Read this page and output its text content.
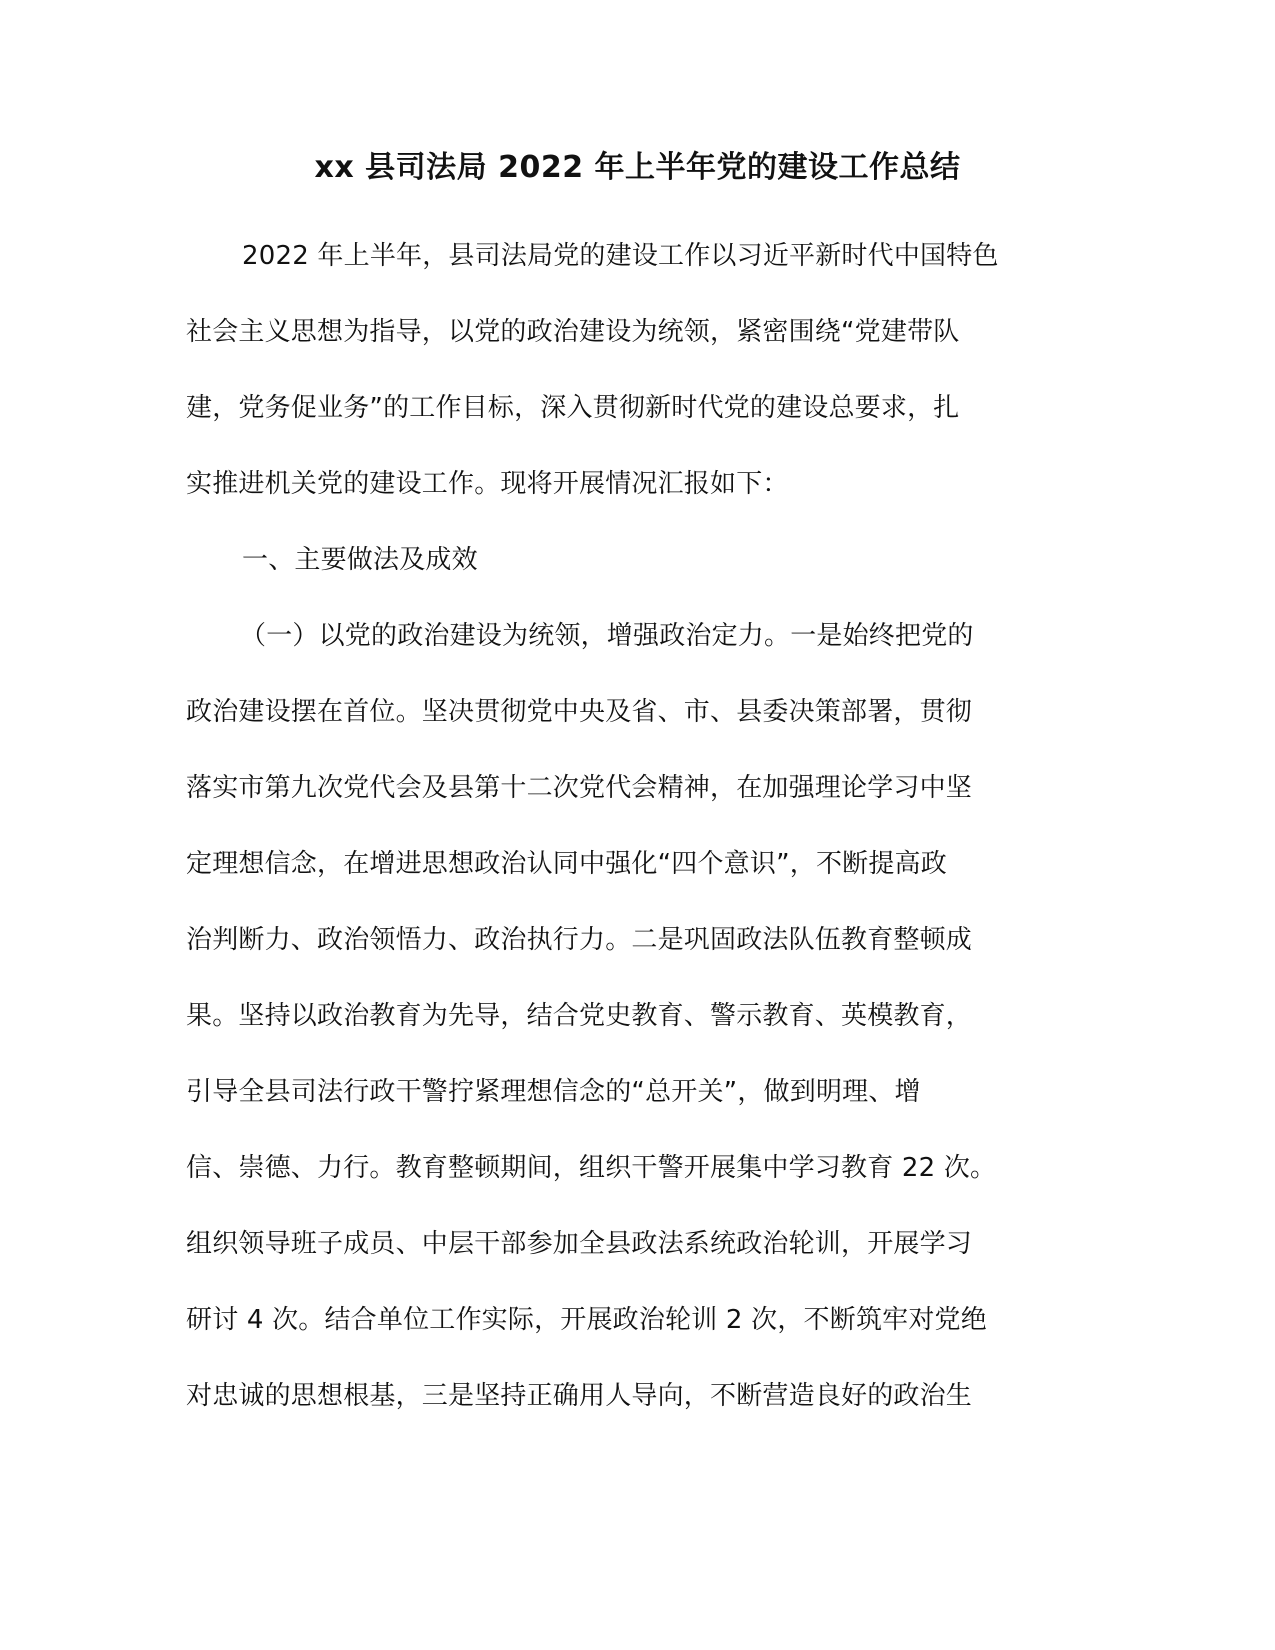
xx 县司法局 2022 年上半年党的建设工作总结
2022 年上半年，县司法局党的建设工作以习近平新时代中国特色
社会主义思想为指导，以党的政治建设为统领，紧密围绕“党建带队
建，党务促业务”的工作目标，深入贯彻新时代党的建设总要求，扎
实推进机关党的建设工作。现将开展情况汇报如下：
一、主要做法及成效
（一）以党的政治建设为统领，增强政治定力。一是始终把党的
政治建设摆在首位。坚决贯彻党中央及省、市、县委决策部署，贯彻
落实市第九次党代会及县第十二次党代会精神，在加强理论学习中坚
定理想信念，在增进思想政治认同中强化“四个意识”，不断提高政
治判断力、政治领悟力、政治执行力。二是巩固政法队伍教育整顿成
果。坚持以政治教育为先导，结合党史教育、警示教育、英模教育，
引导全县司法行政干警拧紧理想信念的“总开关”，做到明理、增
信、崇德、力行。教育整顿期间，组织干警开展集中学习教育 22 次。
组织领导班子成员、中层干部参加全县政法系统政治轮训，开展学习
研讨 4 次。结合单位工作实际，开展政治轮训 2 次，不断筑牢对党绝
对忠诚的思想根基，三是坚持正确用人导向，不断营造良好的政治生
